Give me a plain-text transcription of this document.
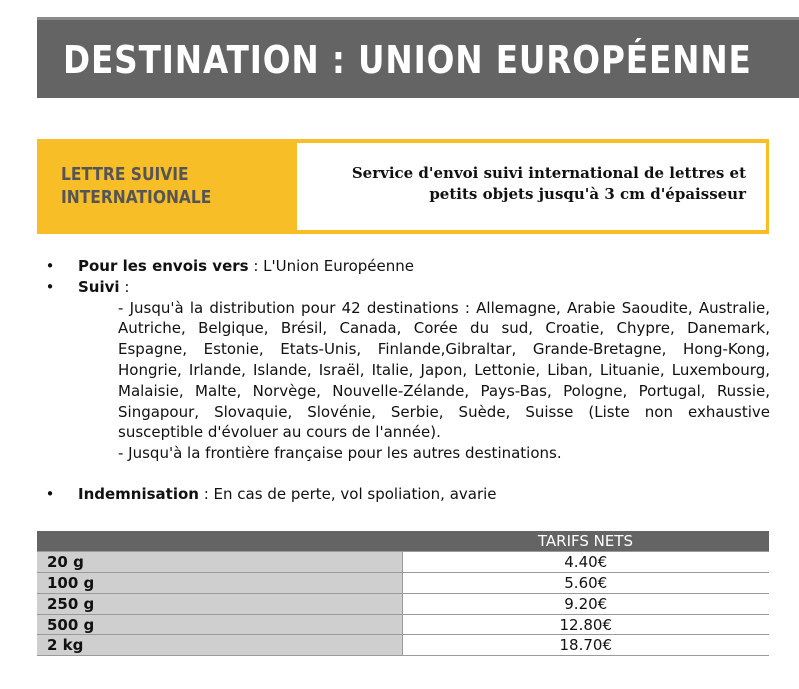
DESTINATION : UNION EUROPÉENNE
LETTRE SUIVIE
INTERNATIONALE
Service d'envoi suivi international de lettres et
petits objets jusqu'à 3 cm d'épaisseur
• Pour les envois vers : L'Union Européenne
• Suivi :
- Jusqu'à la distribution pour 42 destinations : Allemagne, Arabie Saoudite, Australie, Autriche, Belgique, Brésil, Canada, Corée du sud, Croatie, Chypre, Danemark, Espagne, Estonie, Etats-Unis, Finlande,Gibraltar, Grande-Bretagne, Hong-Kong, Hongrie, Irlande, Islande, Israël, Italie, Japon, Lettonie, Liban, Lituanie, Luxembourg, Malaisie, Malte, Norvège, Nouvelle-Zélande, Pays-Bas, Pologne, Portugal, Russie, Singapour, Slovaquie, Slovénie, Serbie, Suède, Suisse (Liste non exhaustive susceptible d'évoluer au cours de l'année).
- Jusqu'à la frontière française pour les autres destinations.
• Indemnisation : En cas de perte, vol spoliation, avarie
	TARIFS NETS
20 g	4.40€
100 g	5.60€
250 g	9.20€
500 g	12.80€
2 kg	18.70€
